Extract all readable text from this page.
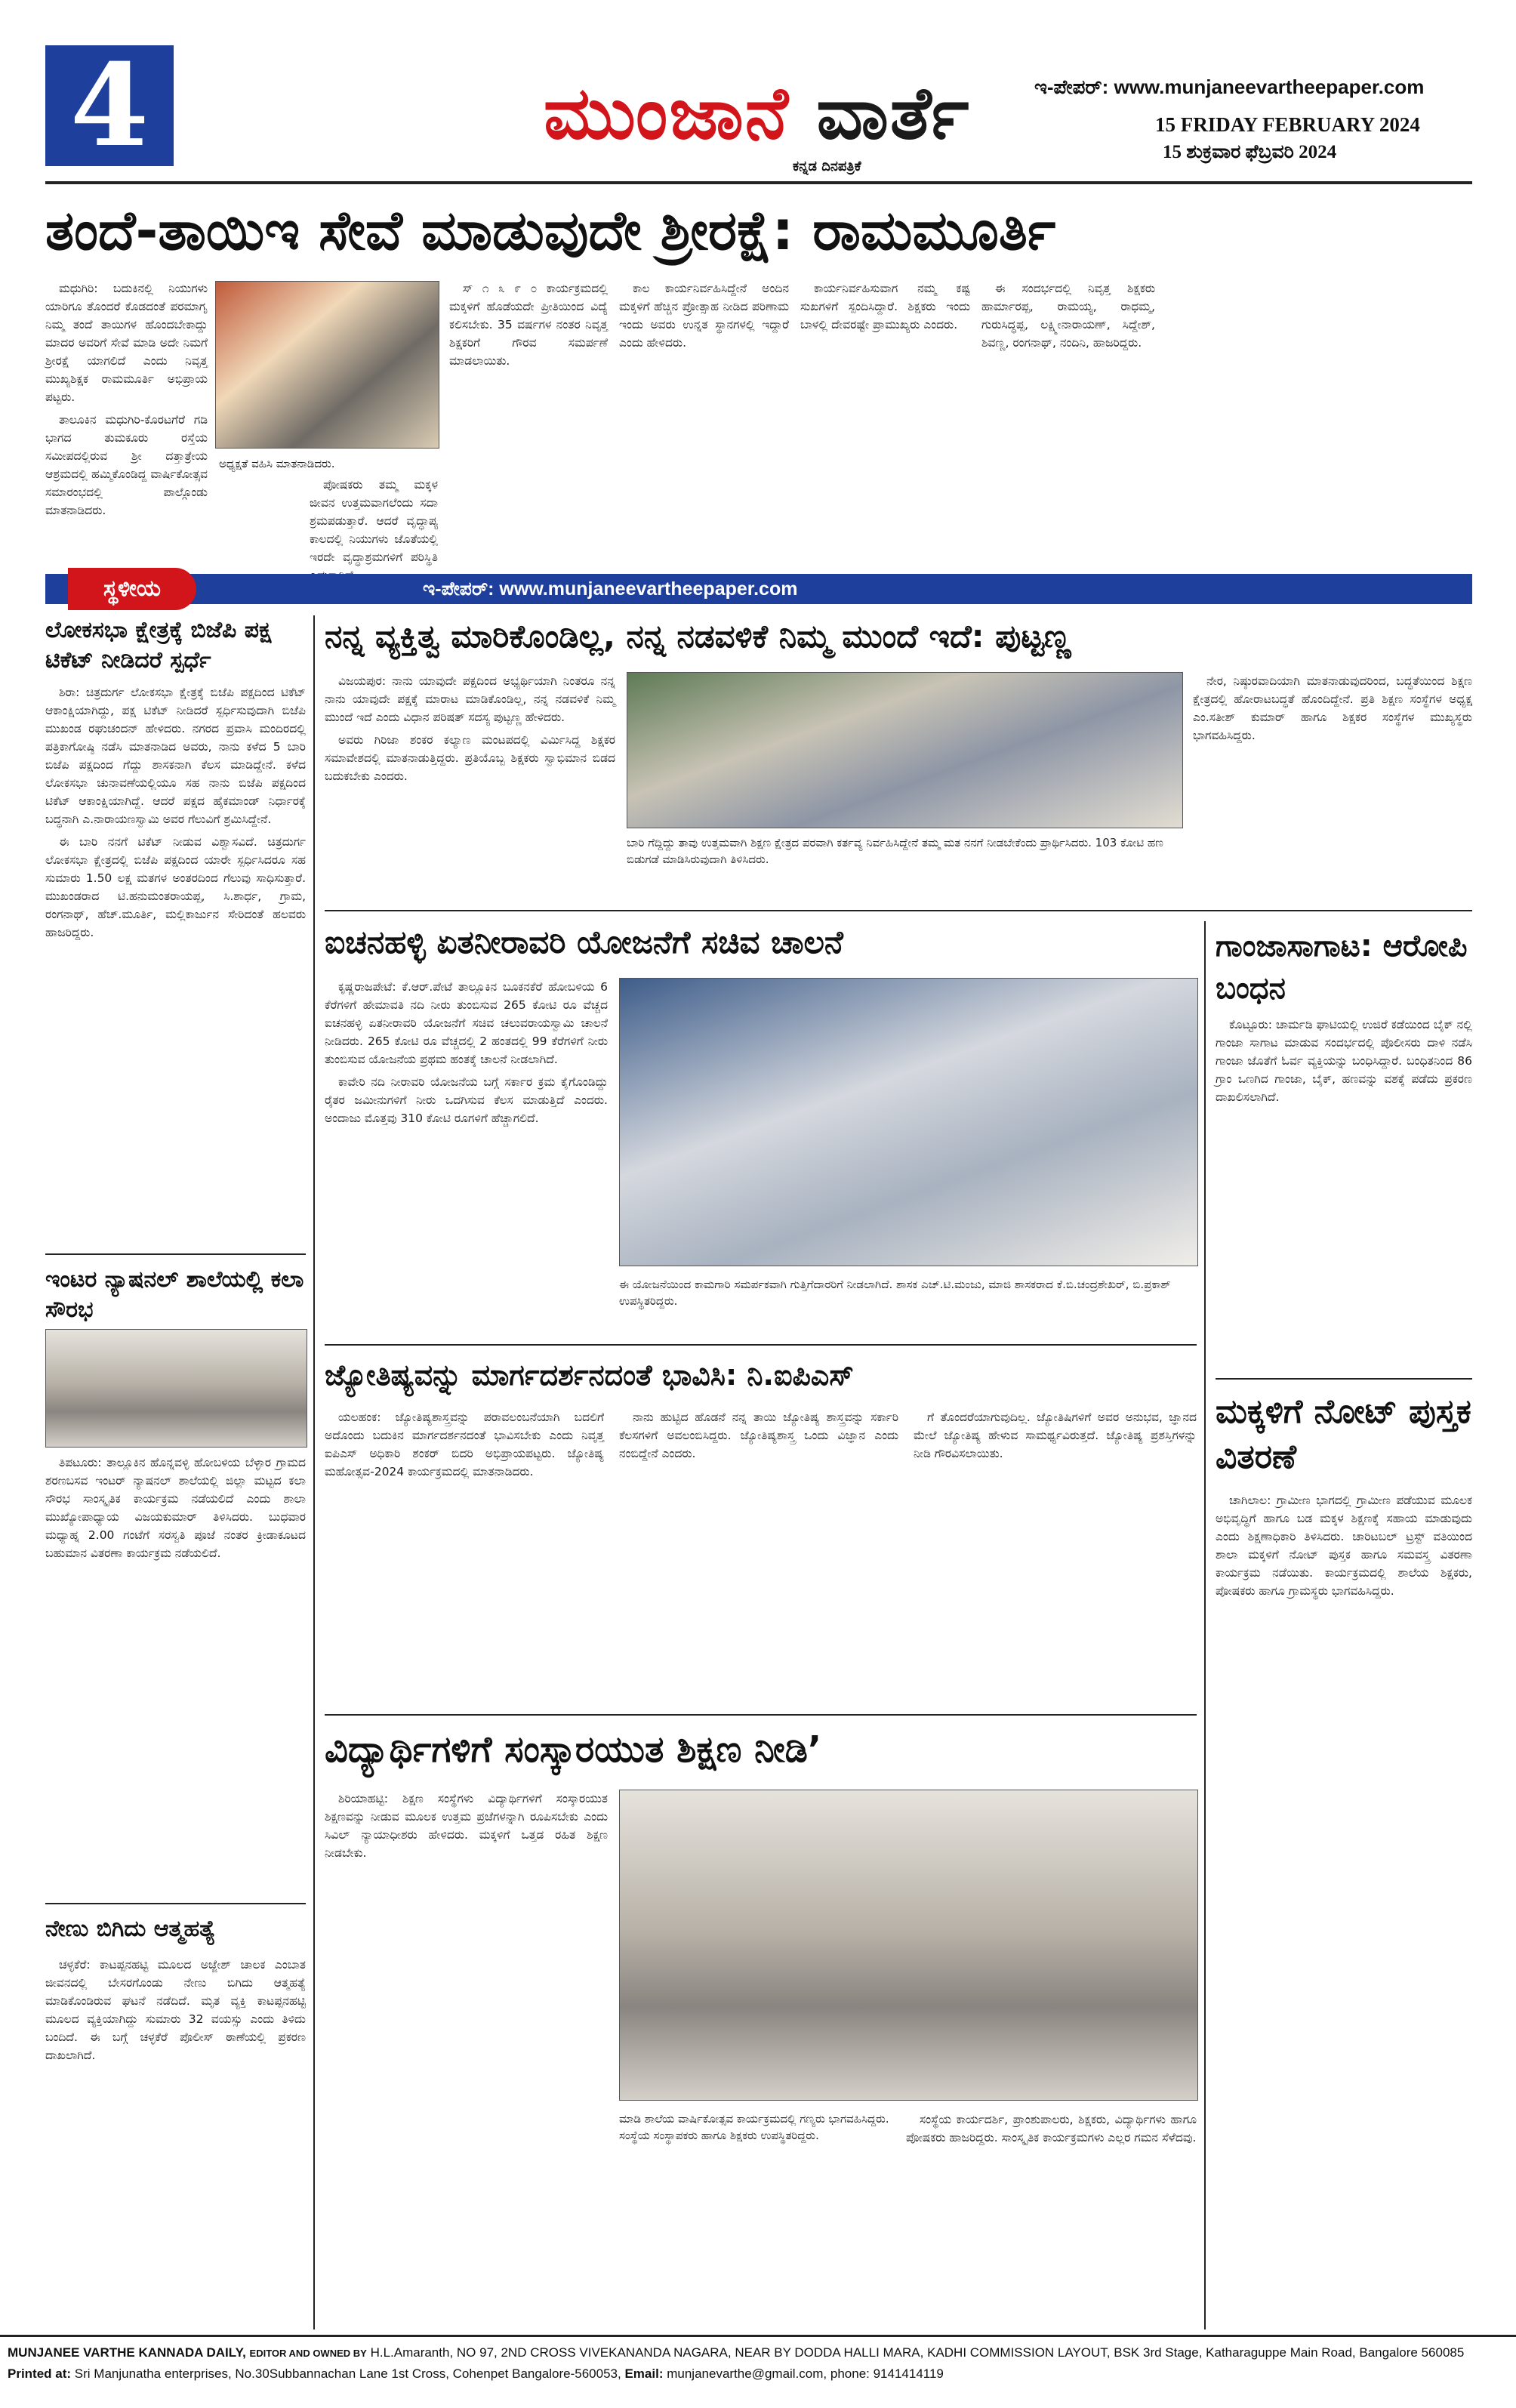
4	ಮುಂಜಾನೆ ವಾರ್ತೆ
ಕನ್ನಡ ದಿನಪತ್ರಿಕೆ
ಇ-ಪೇಪರ್: www.munjaneevartheepaper.com
15 FRIDAY FEBRUARY 2024
15 ಶುಕ್ರವಾರ ಫೆಬ್ರವರಿ 2024
ತಂದೆ-ತಾಯಿಇ ಸೇವೆ ಮಾಡುವುದೇ ಶ್ರೀರಕ್ಷೆ: ರಾಮಮೂರ್ತಿ

ಮಧುಗಿರಿ: ಬದುಕಿನಲ್ಲಿ ನಿಯುಗಳು ಯಾರಿಗೂ ತೊಂದರೆ ಕೊಡದಂತೆ ಪರಮಾಗೃ ನಿಮ್ಮ ತಂದೆ ತಾಯಿಗಳ ಹೊಂದಬೇಕಾದ್ದು ಮಾದರ ಅವರಿಗೆ ಸೇವೆ ಮಾಡಿ ಅದೇ ನಿಮಗೆ ಶ್ರೀರಕ್ಷೆ ಯಾಗಲಿದೆ ಎಂದು ನಿವೃತ್ತ ಮುಖ್ಯಶಿಕ್ಷಕ ರಾಮಮೂರ್ತಿ ಅಭಿಪ್ರಾಯ ಪಟ್ಟರು.

ತಾಲೂಕಿನ ಮಧುಗಿರಿ-ಕೊರಟಗೆರೆ ಗಡಿ ಭಾಗದ ತುಮಕೂರು ರಸ್ತೆಯ ಸಮೀಪದಲ್ಲಿರುವ ಶ್ರೀ ದತ್ತಾತ್ರೇಯ ಆಶ್ರಮದಲ್ಲಿ ಹಮ್ಮಿಕೊಂಡಿದ್ದ ವಾರ್ಷಿಕೋತ್ಸವ ಸಮಾರಂಭದಲ್ಲಿ ಪಾಲ್ಗೊಂಡು ಮಾತನಾಡಿದರು.

ಅಧ್ಯಕ್ಷತೆ ವಹಿಸಿ ಮಾತನಾಡಿದರು.

ಪೋಷಕರು ತಮ್ಮ ಮಕ್ಕಳ ಜೀವನ ಉತ್ತಮವಾಗಲೆಂದು ಸದಾ ಶ್ರಮಪಡುತ್ತಾರೆ. ಆದರೆ ವೃದ್ಧಾಪ್ಯ ಕಾಲದಲ್ಲಿ ನಿಯುಗಳು ಜೊತೆಯಲ್ಲಿ ಇರದೇ ವೃದ್ಧಾಶ್ರಮಗಳಿಗೆ ಪರಿಸ್ಥಿತಿ

ಸ್ ೧ ೩ ೯ ೦ ಕಾರ್ಯಕ್ರಮದಲ್ಲಿ ಮಕ್ಕಳಿಗೆ ಹೊಡೆಯದೇ ಪ್ರೀತಿಯಿಂದ ವಿದ್ಯೆ ಕಲಿಸಬೇಕು. 35 ವರ್ಷಗಳ ನಂತರ ನಿವೃತ್ತ ಶಿಕ್ಷಕರಿಗೆ ಗೌರವ ಸಮರ್ಪಣೆ ಮಾಡಲಾಯಿತು.

ಕಾಲ ಕಾರ್ಯನಿರ್ವಹಿಸಿದ್ದೇನೆ ಅಂದಿನ ಮಕ್ಕಳಿಗೆ ಹೆಚ್ಚಿನ ಪ್ರೋತ್ಸಾಹ ನೀಡಿದ ಪರಿಣಾಮ ಇಂದು ಅವರು ಉನ್ನತ ಸ್ಥಾನಗಳಲ್ಲಿ ಇದ್ದಾರೆ ಎಂದು ಹೇಳಿದರು.

ಕಾರ್ಯನಿರ್ವಹಿಸುವಾಗ ನಮ್ಮ ಕಷ್ಟ ಸುಖಗಳಿಗೆ ಸ್ಪಂದಿಸಿದ್ದಾರೆ. ಶಿಕ್ಷಕರು ಇಂದು ಬಾಳಲ್ಲಿ ದೇವರಷ್ಟೇ ಪ್ರಾಮುಖ್ಯರು ಎಂದರು.

ಈ ಸಂದರ್ಭದಲ್ಲಿ ನಿವೃತ್ತ ಶಿಕ್ಷಕರು ಹಾರ್ಮಾರಪ್ಪ, ರಾಮಯ್ಯ, ರಾಧಮ್ಮ, ಗುರುಸಿದ್ಧಪ್ಪ, ಲಕ್ಷ್ಮೀನಾರಾಯಣ್, ಸಿದ್ದೇಶ್, ಶಿವಣ್ಣ, ರಂಗನಾಥ್, ನಂದಿನಿ, ಹಾಜರಿದ್ದರು.

ಸ್ಥಳೀಯ	ಇ-ಪೇಪರ್: www.munjaneevartheepaper.com
ಲೋಕಸಭಾ ಕ್ಷೇತ್ರಕ್ಕೆ ಬಿಜೆಪಿ ಪಕ್ಷ ಟಿಕೆಟ್ ನೀಡಿದರೆ ಸ್ಪರ್ಧೆ

ಶಿರಾ: ಚಿತ್ರದುರ್ಗ ಲೋಕಸಭಾ ಕ್ಷೇತ್ರಕ್ಕೆ ಬಿಜೆಪಿ ಪಕ್ಷದಿಂದ ಟಿಕೆಟ್ ಆಕಾಂಕ್ಷಿಯಾಗಿದ್ದು, ಪಕ್ಷ ಟಿಕೆಟ್ ನೀಡಿದರೆ ಸ್ಪರ್ಧಿಸುವುದಾಗಿ ಬಿಜೆಪಿ ಮುಖಂಡ ರಘುಚಂದನ್ ಹೇಳಿದರು. ನಗರದ ಪ್ರವಾಸಿ ಮಂದಿರದಲ್ಲಿ ಪತ್ರಿಕಾಗೋಷ್ಠಿ ನಡೆಸಿ ಮಾತನಾಡಿದ ಅವರು, ನಾನು ಕಳೆದ 5 ಬಾರಿ ಬಿಜೆಪಿ ಪಕ್ಷದಿಂದ ಗೆದ್ದು ಶಾಸಕನಾಗಿ ಕೆಲಸ ಮಾಡಿದ್ದೇನೆ. ಕಳೆದ ಲೋಕಸಭಾ ಚುನಾವಣೆಯಲ್ಲಿಯೂ ಸಹ ನಾನು ಬಿಜೆಪಿ ಪಕ್ಷದಿಂದ ಟಿಕೆಟ್ ಆಕಾಂಕ್ಷಿಯಾಗಿದ್ದೆ. ಆದರೆ ಪಕ್ಷದ ಹೈಕಮಾಂಡ್ ನಿರ್ಧಾರಕ್ಕೆ ಬದ್ಧನಾಗಿ ಎ.ನಾರಾಯಣಸ್ವಾಮಿ ಅವರ ಗೆಲುವಿಗೆ ಶ್ರಮಿಸಿದ್ದೇನೆ.

ಈ ಬಾರಿ ನನಗೆ ಟಿಕೆಟ್ ನೀಡುವ ವಿಶ್ವಾಸವಿದೆ. ಚಿತ್ರದುರ್ಗ ಲೋಕಸಭಾ ಕ್ಷೇತ್ರದಲ್ಲಿ ಬಿಜೆಪಿ ಪಕ್ಷದಿಂದ ಯಾರೇ ಸ್ಪರ್ಧಿಸಿದರೂ ಸಹ ಸುಮಾರು 1.50 ಲಕ್ಷ ಮತಗಳ ಅಂತರದಿಂದ ಗೆಲುವು ಸಾಧಿಸುತ್ತಾರೆ. ಮುಖಂಡರಾದ ಟಿ.ಹನುಮಂತರಾಯಪ್ಪ, ಸಿ.ಶಾರ್ಧ, ಗ್ರಾಮ, ರಂಗನಾಥ್, ಹೆಚ್.ಮೂರ್ತಿ, ಮಲ್ಲಿಕಾರ್ಜುನ ಸೇರಿದಂತೆ ಹಲವರು ಹಾಜರಿದ್ದರು.

ಇಂಟರ ನ್ಯಾಷನಲ್ ಶಾಲೆಯಲ್ಲಿ ಕಲಾ ಸೌರಭ

ತಿಪಟೂರು: ತಾಲ್ಲೂಕಿನ ಹೊನ್ನವಳ್ಳಿ ಹೋಬಳಿಯ ಬೆಳ್ಳಾರ ಗ್ರಾಮದ ಶರಣಬಸವ ಇಂಟರ್ ನ್ಯಾಷನಲ್ ಶಾಲೆಯಲ್ಲಿ ಜಿಲ್ಲಾ ಮಟ್ಟದ ಕಲಾ ಸೌರಭ ಸಾಂಸ್ಕೃತಿಕ ಕಾರ್ಯಕ್ರಮ ನಡೆಯಲಿದೆ ಎಂದು ಶಾಲಾ ಮುಖ್ಯೋಪಾಧ್ಯಾಯ ವಿಜಯಕುಮಾರ್ ತಿಳಿಸಿದರು. ಬುಧವಾರ ಮಧ್ಯಾಹ್ನ 2.00 ಗಂಟೆಗೆ ಸರಸ್ವತಿ ಪೂಜೆ ನಂತರ ಕ್ರೀಡಾಕೂಟದ ಬಹುಮಾನ ವಿತರಣಾ ಕಾರ್ಯಕ್ರಮ ನಡೆಯಲಿದೆ.

ನೇಣು ಬಿಗಿದು ಆತ್ಮಹತ್ಯೆ

ಚಳ್ಳಕೆರೆ: ಕಾಟಪ್ಪನಹಟ್ಟಿ ಮೂಲದ ಅಜ್ಜೇಶ್ ಚಾಲಕ ಎಂಬಾತ ಜೀವನದಲ್ಲಿ ಬೇಸರಗೊಂಡು ನೇಣು ಬಿಗಿದು ಆತ್ಮಹತ್ಯೆ ಮಾಡಿಕೊಂಡಿರುವ ಘಟನೆ ನಡೆದಿದೆ. ಮೃತ ವ್ಯಕ್ತಿ ಕಾಟಪ್ಪನಹಟ್ಟಿ ಮೂಲದ ವ್ಯಕ್ತಿಯಾಗಿದ್ದು ಸುಮಾರು 32 ವಯಸ್ಸು ಎಂದು ತಿಳಿದು ಬಂದಿದೆ. ಈ ಬಗ್ಗೆ ಚಳ್ಳಕೆರೆ ಪೊಲೀಸ್ ಠಾಣೆಯಲ್ಲಿ ಪ್ರಕರಣ ದಾಖಲಾಗಿದೆ.

ನನ್ನ ವ್ಯಕ್ತಿತ್ವ ಮಾರಿಕೊಂಡಿಲ್ಲ, ನನ್ನ ನಡವಳಿಕೆ ನಿಮ್ಮ ಮುಂದೆ ಇದೆ: ಪುಟ್ಟಣ್ಣ

ವಿಜಯಪುರ: ನಾನು ಯಾವುದೇ ಪಕ್ಷದಿಂದ ಅಭ್ಯರ್ಥಿಯಾಗಿ ನಿಂತರೂ ನನ್ನ ನಾನು ಯಾವುದೇ ಪಕ್ಷಕ್ಕೆ ಮಾರಾಟ ಮಾಡಿಕೊಂಡಿಲ್ಲ, ನನ್ನ ನಡವಳಿಕೆ ನಿಮ್ಮ ಮುಂದೆ ಇದೆ ಎಂದು ವಿಧಾನ ಪರಿಷತ್ ಸದಸ್ಯ ಪುಟ್ಟಣ್ಣ ಹೇಳಿದರು.

ಅವರು ಗಿರಿಜಾ ಶಂಕರ ಕಲ್ಯಾಣ ಮಂಟಪದಲ್ಲಿ ವಿರ್ಮಿಸಿದ್ದ ಶಿಕ್ಷಕರ ಸಮಾವೇಶದಲ್ಲಿ ಮಾತನಾಡುತ್ತಿದ್ದರು. ಪ್ರತಿಯೊಬ್ಬ ಶಿಕ್ಷಕರು ಸ್ವಾಭಿಮಾನ ಬಿಡದ ಬದುಕಬೇಕು ಎಂದರು.

ಬಾರಿ ಗೆದ್ದಿದ್ದು ತಾವು ಉತ್ತಮವಾಗಿ ಶಿಕ್ಷಣ ಕ್ಷೇತ್ರದ ಪರವಾಗಿ ಕರ್ತವ್ಯ ನಿರ್ವಹಿಸಿದ್ದೇನೆ ತಮ್ಮ ಮತ ನನಗೆ ನೀಡಬೇಕೆಂದು ಪ್ರಾರ್ಥಿಸಿದರು. 103 ಕೋಟಿ ಹಣ ಬಿಡುಗಡೆ ಮಾಡಿಸಿರುವುದಾಗಿ ತಿಳಿಸಿದರು.

ನೇರ, ನಿಷ್ಠುರವಾದಿಯಾಗಿ ಮಾತನಾಡುವುದರಿಂದ, ಬದ್ಧತೆಯಿಂದ ಶಿಕ್ಷಣ ಕ್ಷೇತ್ರದಲ್ಲಿ ಹೋರಾಟಬದ್ಧತೆ ಹೊಂದಿದ್ದೇನೆ. ಪ್ರತಿ ಶಿಕ್ಷಣ ಸಂಸ್ಥೆಗಳ ಅಧ್ಯಕ್ಷ ಎಂ.ಸತೀಶ್ ಕುಮಾರ್ ಹಾಗೂ ಶಿಕ್ಷಕರ ಸಂಸ್ಥೆಗಳ ಮುಖ್ಯಸ್ಥರು ಭಾಗವಹಿಸಿದ್ದರು.

ಐಚನಹಳ್ಳಿ ಏತನೀರಾವರಿ ಯೋಜನೆಗೆ ಸಚಿವ ಚಾಲನೆ

ಕೃಷ್ಣರಾಜಪೇಟೆ: ಕೆ.ಆರ್.ಪೇಟೆ ತಾಲ್ಲೂಕಿನ ಬೂಕನಕೆರೆ ಹೋಬಳಿಯ 6 ಕೆರೆಗಳಿಗೆ ಹೇಮಾವತಿ ನದಿ ನೀರು ತುಂಬಿಸುವ 265 ಕೋಟಿ ರೂ ವೆಚ್ಚದ ಐಚನಹಳ್ಳಿ ಏತನೀರಾವರಿ ಯೋಜನೆಗೆ ಸಚಿವ ಚಲುವರಾಯಸ್ವಾಮಿ ಚಾಲನೆ ನೀಡಿದರು. 265 ಕೋಟಿ ರೂ ವೆಚ್ಚದಲ್ಲಿ 2 ಹಂತದಲ್ಲಿ 99 ಕೆರೆಗಳಿಗೆ ನೀರು ತುಂಬಿಸುವ ಯೋಜನೆಯ ಪ್ರಥಮ ಹಂತಕ್ಕೆ ಚಾಲನೆ ನೀಡಲಾಗಿದೆ.

ಕಾವೇರಿ ನದಿ ನೀರಾವರಿ ಯೋಜನೆಯ ಬಗ್ಗೆ ಸರ್ಕಾರ ಕ್ರಮ ಕೈಗೊಂಡಿದ್ದು ರೈತರ ಜಮೀನುಗಳಿಗೆ ನೀರು ಒದಗಿಸುವ ಕೆಲಸ ಮಾಡುತ್ತಿದೆ ಎಂದರು. ಅಂದಾಜು ಮೊತ್ತವು 310 ಕೋಟಿ ರೂಗಳಿಗೆ ಹೆಚ್ಚಾಗಲಿದೆ.

ಈ ಯೋಜನೆಯಿಂದ ಕಾಮಗಾರಿ ಸಮರ್ಪಕವಾಗಿ ಗುತ್ತಿಗೆದಾರರಿಗೆ ನೀಡಲಾಗಿದೆ. ಶಾಸಕ ಎಚ್.ಟಿ.ಮಂಜು, ಮಾಜಿ ಶಾಸಕರಾದ ಕೆ.ಬಿ.ಚಂದ್ರಶೇಖರ್, ಬಿ.ಪ್ರಕಾಶ್ ಉಪಸ್ಥಿತರಿದ್ದರು.
ಗಾಂಜಾಸಾಗಾಟ: ಆರೋಪಿ ಬಂಧನ

ಕೊಟ್ಟೂರು: ಚಾರ್ಮಡಿ ಘಾಟಿಯಲ್ಲಿ ಉಜಿರೆ ಕಡೆಯಿಂದ ಬೈಕ್ ನಲ್ಲಿ ಗಾಂಜಾ ಸಾಗಾಟ ಮಾಡುವ ಸಂದರ್ಭದಲ್ಲಿ ಪೊಲೀಸರು ದಾಳಿ ನಡೆಸಿ ಗಾಂಜಾ ಜೊತೆಗೆ ಓರ್ವ ವ್ಯಕ್ತಿಯನ್ನು ಬಂಧಿಸಿದ್ದಾರೆ. ಬಂಧಿತನಿಂದ 86 ಗ್ರಾಂ ಒಣಗಿದ ಗಾಂಜಾ, ಬೈಕ್, ಹಣವನ್ನು ವಶಕ್ಕೆ ಪಡೆದು ಪ್ರಕರಣ ದಾಖಲಿಸಲಾಗಿದೆ.

ಮಕ್ಕಳಿಗೆ ನೋಟ್ ಪುಸ್ತಕ ವಿತರಣೆ

ಚಾಗಿಲಾಲ: ಗ್ರಾಮೀಣ ಭಾಗದಲ್ಲಿ ಗ್ರಾಮೀಣ ಪಡೆಯುವ ಮೂಲಕ ಅಭಿವೃದ್ಧಿಗೆ ಹಾಗೂ ಬಡ ಮಕ್ಕಳ ಶಿಕ್ಷಣಕ್ಕೆ ಸಹಾಯ ಮಾಡುವುದು ಎಂದು ಶಿಕ್ಷಣಾಧಿಕಾರಿ ತಿಳಿಸಿದರು. ಚಾರಿಟಬಲ್ ಟ್ರಸ್ಟ್ ವತಿಯಿಂದ ಶಾಲಾ ಮಕ್ಕಳಿಗೆ ನೋಟ್ ಪುಸ್ತಕ ಹಾಗೂ ಸಮವಸ್ತ್ರ ವಿತರಣಾ ಕಾರ್ಯಕ್ರಮ ನಡೆಯಿತು. ಕಾರ್ಯಕ್ರಮದಲ್ಲಿ ಶಾಲೆಯ ಶಿಕ್ಷಕರು, ಪೋಷಕರು ಹಾಗೂ ಗ್ರಾಮಸ್ಥರು ಭಾಗವಹಿಸಿದ್ದರು.

ಜ್ಯೋತಿಷ್ಯವನ್ನು ಮಾರ್ಗದರ್ಶನದಂತೆ ಭಾವಿಸಿ: ನಿ.ಐಪಿಎಸ್

ಯಲಹಂಕ: ಜ್ಯೋತಿಷ್ಯಶಾಸ್ತ್ರವನ್ನು ಪರಾವಲಂಬನೆಯಾಗಿ ಬದಲಿಗೆ ಅದೊಂದು ಬದುಕಿನ ಮಾರ್ಗದರ್ಶನದಂತೆ ಭಾವಿಸಬೇಕು ಎಂದು ನಿವೃತ್ತ ಐಪಿಎಸ್ ಅಧಿಕಾರಿ ಶಂಕರ್ ಬಿದರಿ ಅಭಿಪ್ರಾಯಪಟ್ಟರು. ಜ್ಯೋತಿಷ್ಯ ಮಹೋತ್ಸವ-2024 ಕಾರ್ಯಕ್ರಮದಲ್ಲಿ ಮಾತನಾಡಿದರು.

ನಾನು ಹುಟ್ಟಿದ ಹೊಡನೆ ನನ್ನ ತಾಯಿ ಜ್ಯೋತಿಷ್ಯ ಶಾಸ್ತ್ರವನ್ನು ಸರ್ಕಾರಿ ಕೆಲಸಗಳಿಗೆ ಅವಲಂಬಿಸಿದ್ದರು. ಜ್ಯೋತಿಷ್ಯಶಾಸ್ತ್ರ ಒಂದು ವಿಜ್ಞಾನ ಎಂದು ನಂಬಿದ್ದೇನೆ ಎಂದರು.

ಗೆ ತೊಂದರೆಯಾಗುವುದಿಲ್ಲ. ಜ್ಯೋತಿಷಿಗಳಿಗೆ ಅವರ ಅನುಭವ, ಜ್ಞಾನದ ಮೇಲೆ ಜ್ಯೋತಿಷ್ಯ ಹೇಳುವ ಸಾಮರ್ಥ್ಯವಿರುತ್ತದೆ. ಜ್ಯೋತಿಷ್ಯ ಪ್ರಶಸ್ತಿಗಳನ್ನು ನೀಡಿ ಗೌರವಿಸಲಾಯಿತು.

ವಿದ್ಯಾರ್ಥಿಗಳಿಗೆ ಸಂಸ್ಕಾರಯುತ ಶಿಕ್ಷಣ ನೀಡಿ’

ಶಿರಿಯಾಹಟ್ಟಿ: ಶಿಕ್ಷಣ ಸಂಸ್ಥೆಗಳು ವಿದ್ಯಾರ್ಥಿಗಳಿಗೆ ಸಂಸ್ಕಾರಯುತ ಶಿಕ್ಷಣವನ್ನು ನೀಡುವ ಮೂಲಕ ಉತ್ತಮ ಪ್ರಜೆಗಳನ್ನಾಗಿ ರೂಪಿಸಬೇಕು ಎಂದು ಸಿವಿಲ್ ನ್ಯಾಯಾಧೀಶರು ಹೇಳಿದರು. ಮಕ್ಕಳಿಗೆ ಒತ್ತಡ ರಹಿತ ಶಿಕ್ಷಣ ನೀಡಬೇಕು.

ಮಾಡಿ ಶಾಲೆಯ ವಾರ್ಷಿಕೋತ್ಸವ ಕಾರ್ಯಕ್ರಮದಲ್ಲಿ ಗಣ್ಯರು ಭಾಗವಹಿಸಿದ್ದರು. ಸಂಸ್ಥೆಯ ಸಂಸ್ಥಾಪಕರು ಹಾಗೂ ಶಿಕ್ಷಕರು ಉಪಸ್ಥಿತರಿದ್ದರು.

ಸಂಸ್ಥೆಯ ಕಾರ್ಯದರ್ಶಿ, ಪ್ರಾಂಶುಪಾಲರು, ಶಿಕ್ಷಕರು, ವಿದ್ಯಾರ್ಥಿಗಳು ಹಾಗೂ ಪೋಷಕರು ಹಾಜರಿದ್ದರು. ಸಾಂಸ್ಕೃತಿಕ ಕಾರ್ಯಕ್ರಮಗಳು ಎಲ್ಲರ ಗಮನ ಸೆಳೆದವು.

MUNJANEE VARTHE KANNADA DAILY, EDITOR AND OWNED BY H.L.Amaranth, NO 97, 2ND CROSS VIVEKANANDA NAGARA, NEAR BY DODDA HALLI MARA, KADHI COMMISSION LAYOUT, BSK 3rd Stage, Katharaguppe Main Road, Bangalore 560085
Printed at: Sri Manjunatha enterprises, No.30Subbannachan Lane 1st Cross, Cohenpet Bangalore-560053, Email: munjanevarthe@gmail.com, phone: 9141414119
